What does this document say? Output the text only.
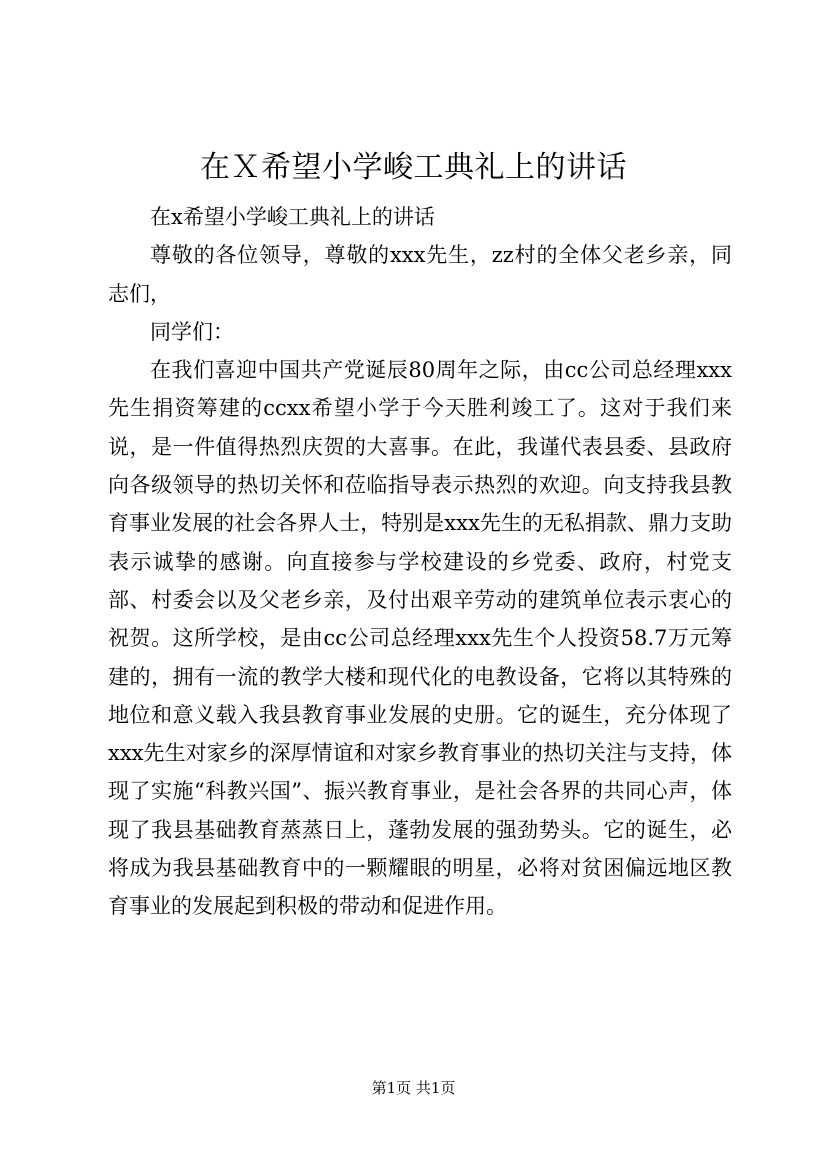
在Ｘ希望小学峻工典礼上的讲话

在x希望小学峻工典礼上的讲话

尊敬的各位领导，尊敬的xxx先生，zz村的全体父老乡亲，同志们，

同学们：

在我们喜迎中国共产党诞辰80周年之际，由cc公司总经理xxx先生捐资筹建的ccxx希望小学于今天胜利竣工了。这对于我们来说，是一件值得热烈庆贺的大喜事。在此，我谨代表县委、县政府向各级领导的热切关怀和莅临指导表示热烈的欢迎。向支持我县教育事业发展的社会各界人士，特别是xxx先生的无私捐款、鼎力支助表示诚挚的感谢。向直接参与学校建设的乡党委、政府，村党支部、村委会以及父老乡亲，及付出艰辛劳动的建筑单位表示衷心的祝贺。这所学校，是由cc公司总经理xxx先生个人投资58.7万元筹建的，拥有一流的教学大楼和现代化的电教设备，它将以其特殊的地位和意义载入我县教育事业发展的史册。它的诞生，充分体现了xxx先生对家乡的深厚情谊和对家乡教育事业的热切关注与支持，体现了实施“科教兴国”、振兴教育事业，是社会各界的共同心声，体现了我县基础教育蒸蒸日上，蓬勃发展的强劲势头。它的诞生，必将成为我县基础教育中的一颗耀眼的明星，必将对贫困偏远地区教育事业的发展起到积极的带动和促进作用。

第1页 共1页
